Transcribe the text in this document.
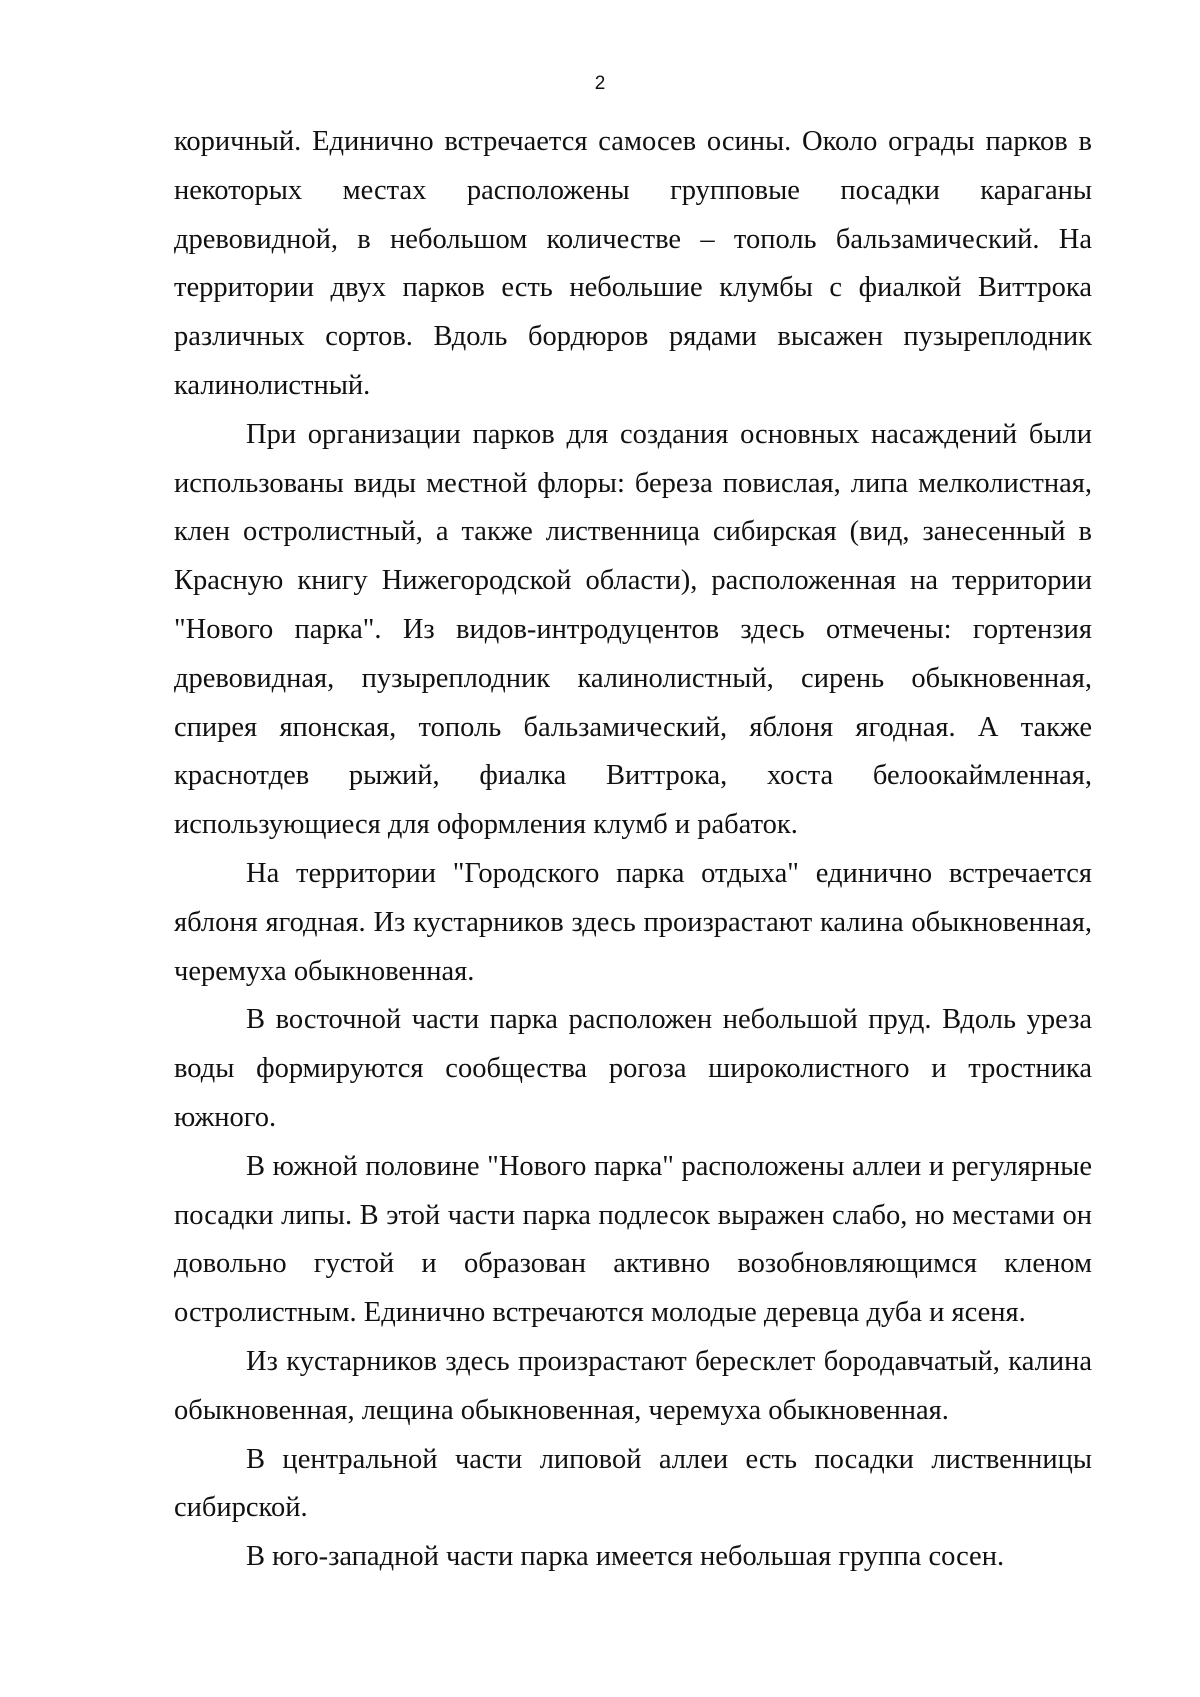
2

коричный. Единично встречается самосев осины. Около ограды парков в некоторых местах расположены групповые посадки караганы древовидной, в небольшом количестве – тополь бальзамический. На территории двух парков есть небольшие клумбы с фиалкой Виттрока различных сортов. Вдоль бордюров рядами высажен пузыреплодник калинолистный.

При организации парков для создания основных насаждений были использованы виды местной флоры: береза повислая, липа мелколистная, клен остролистный, а также лиственница сибирская (вид, занесенный в Красную книгу Нижегородской области), расположенная на территории "Нового парка". Из видов-интродуцентов здесь отмечены: гортензия древовидная, пузыреплодник калинолистный, сирень обыкновенная, спирея японская, тополь бальзамический, яблоня ягодная. А также краснотдев рыжий, фиалка Виттрока, хоста белоокаймленная, использующиеся для оформления клумб и рабаток.

На территории "Городского парка отдыха" единично встречается яблоня ягодная. Из кустарников здесь произрастают калина обыкновенная, черемуха обыкновенная.

В восточной части парка расположен небольшой пруд. Вдоль уреза воды формируются сообщества рогоза широколистного и тростника южного.

В южной половине "Нового парка" расположены аллеи и регулярные посадки липы. В этой части парка подлесок выражен слабо, но местами он довольно густой и образован активно возобновляющимся кленом остролистным. Единично встречаются молодые деревца дуба и ясеня.

Из кустарников здесь произрастают бересклет бородавчатый, калина обыкновенная, лещина обыкновенная, черемуха обыкновенная.

В центральной части липовой аллеи есть посадки лиственницы сибирской.

В юго-западной части парка имеется небольшая группа сосен.
